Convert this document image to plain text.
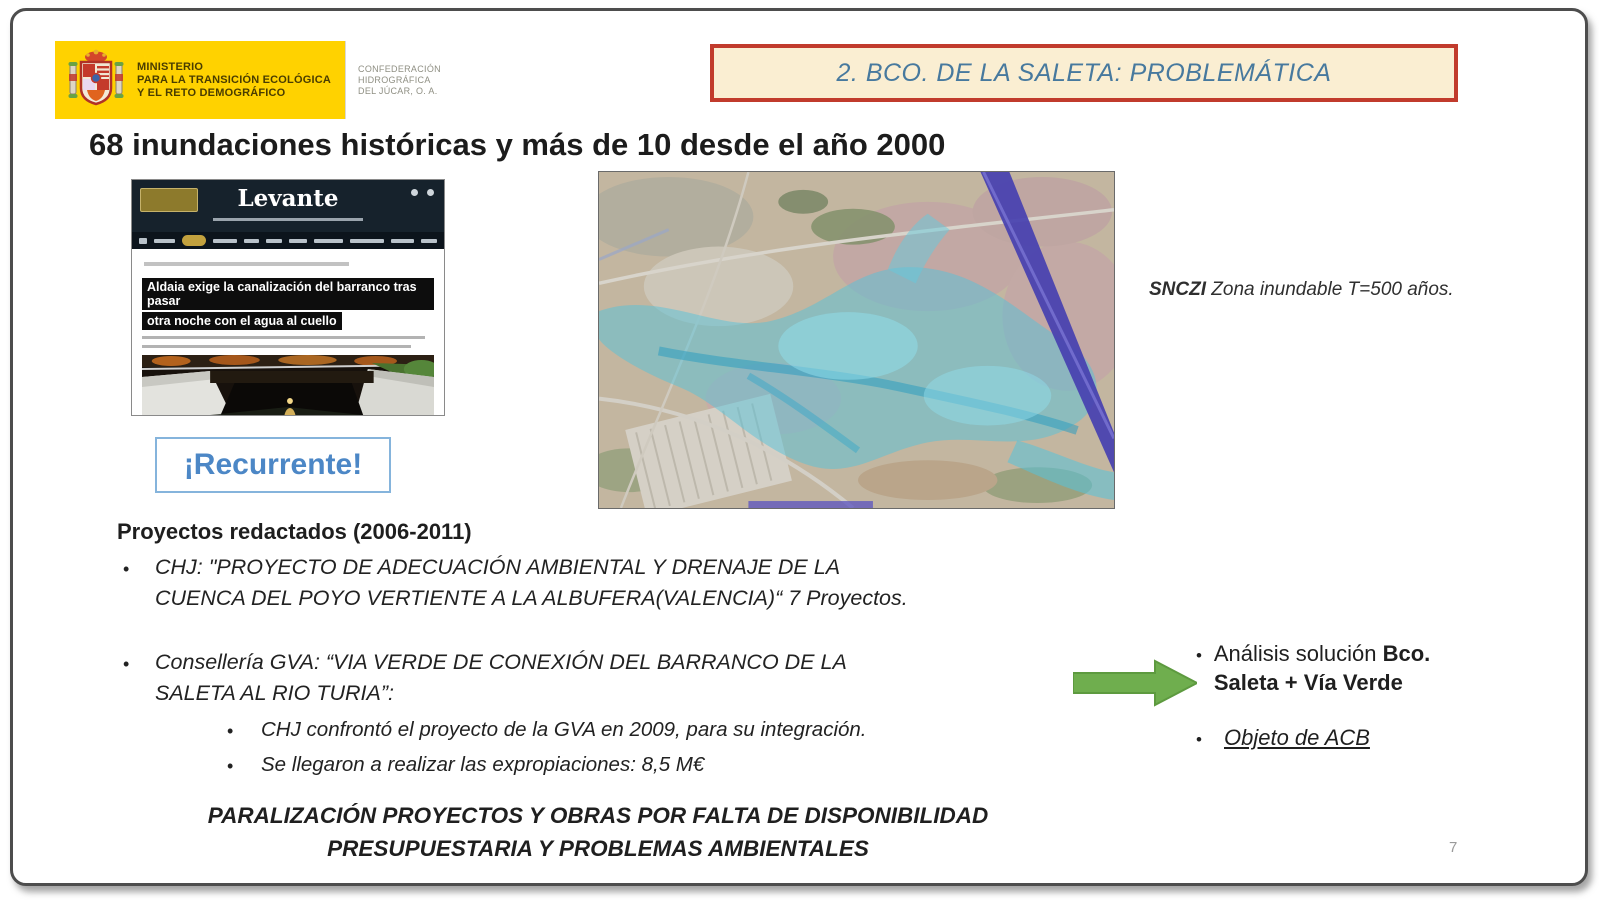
MINISTERIO
PARA LA TRANSICIÓN ECOLÓGICA
Y EL RETO DEMOGRÁFICO
CONFEDERACIÓN
HIDROGRÁFICA
DEL JÚCAR, O. A.
2. BCO. DE LA SALETA: PROBLEMÁTICA
68 inundaciones históricas y más de 10 desde el año 2000
Levante
Aldaia exige la canalización del barranco tras pasar otra noche con el agua al cuello
¡Recurrente!
SNCZI Zona inundable T=500 años.
Proyectos redactados (2006-2011)
•	CHJ: "PROYECTO DE ADECUACIÓN AMBIENTAL Y DRENAJE DE LA
CUENCA DEL POYO VERTIENTE A LA ALBUFERA(VALENCIA)“ 7 Proyectos.
•	Consellería GVA: “VIA VERDE DE CONEXIÓN DEL BARRANCO DE LA
SALETA AL RIO TURIA”:
•	CHJ confrontó el proyecto de la GVA en 2009, para su integración.
•	Se llegaron a realizar las expropiaciones: 8,5 M€
PARALIZACIÓN PROYECTOS Y OBRAS POR FALTA DE DISPONIBILIDAD
PRESUPUESTARIA Y PROBLEMAS AMBIENTALES
• Análisis solución Bco. Saleta + Vía Verde
•	Objeto de ACB
7
